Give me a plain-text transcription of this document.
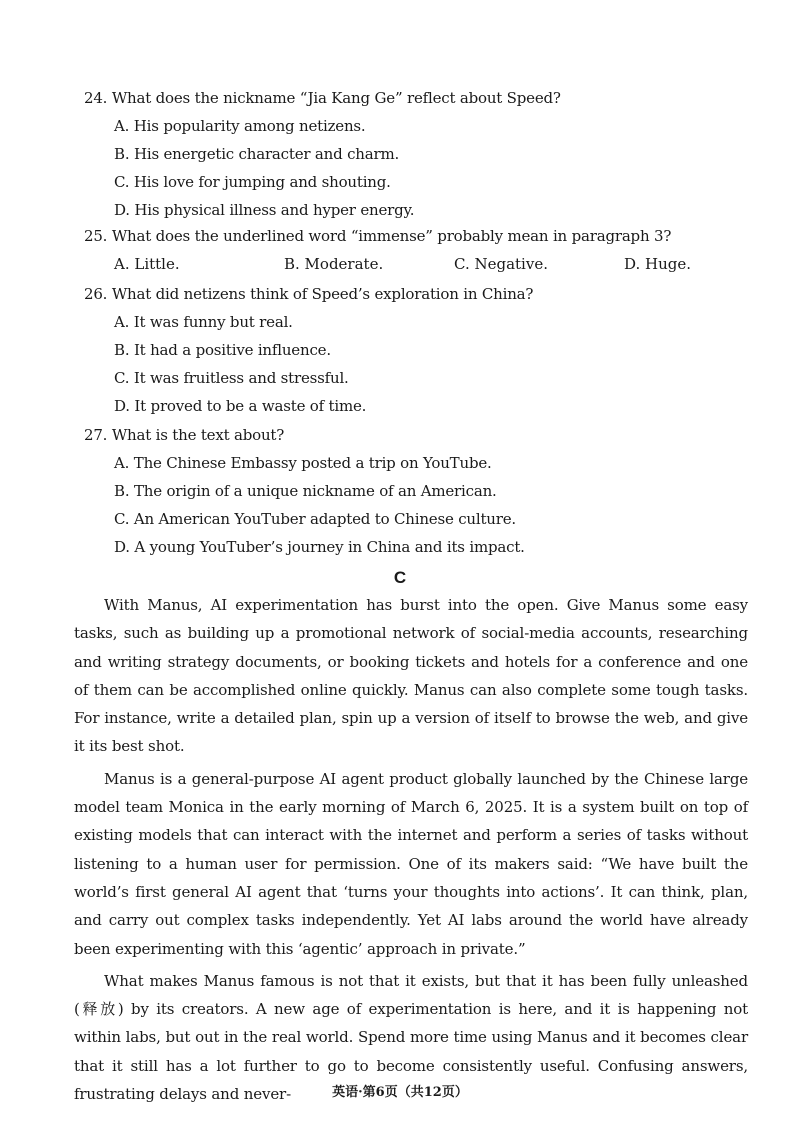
24. What does the nickname “Jia Kang Ge” reflect about Speed?
A. His popularity among netizens.
B. His energetic character and charm.
C. His love for jumping and shouting.
D. His physical illness and hyper energy.
25. What does the underlined word “immense” probably mean in paragraph 3?
A. Little.	B. Moderate.	C. Negative.	D. Huge.
26. What did netizens think of Speed’s exploration in China?
A. It was funny but real.
B. It had a positive influence.
C. It was fruitless and stressful.
D. It proved to be a waste of time.
27. What is the text about?
A. The Chinese Embassy posted a trip on YouTube.
B. The origin of a unique nickname of an American.
C. An American YouTuber adapted to Chinese culture.
D. A young YouTuber’s journey in China and its impact.
C

With Manus, AI experimentation has burst into the open. Give Manus some easy tasks, such as building up a promotional network of social-media accounts, researching and writing strategy documents, or booking tickets and hotels for a conference and one of them can be accomplished online quickly. Manus can also complete some tough tasks. For instance, write a detailed plan, spin up a version of itself to browse the web, and give it its best shot.

Manus is a general-purpose AI agent product globally launched by the Chinese large model team Monica in the early morning of March 6, 2025. It is a system built on top of existing models that can interact with the internet and perform a series of tasks without listening to a human user for permission. One of its makers said: “We have built the world’s first general AI agent that ‘turns your thoughts into actions’. It can think, plan, and carry out complex tasks independently. Yet AI labs around the world have already been experimenting with this ‘agentic’ approach in private.”

What makes Manus famous is not that it exists, but that it has been fully unleashed (释放) by its creators. A new age of experimentation is here, and it is happening not within labs, but out in the real world. Spend more time using Manus and it becomes clear that it still has a lot further to go to become consistently useful. Confusing answers, frustrating delays and never-	英语·第6页（共12页）
